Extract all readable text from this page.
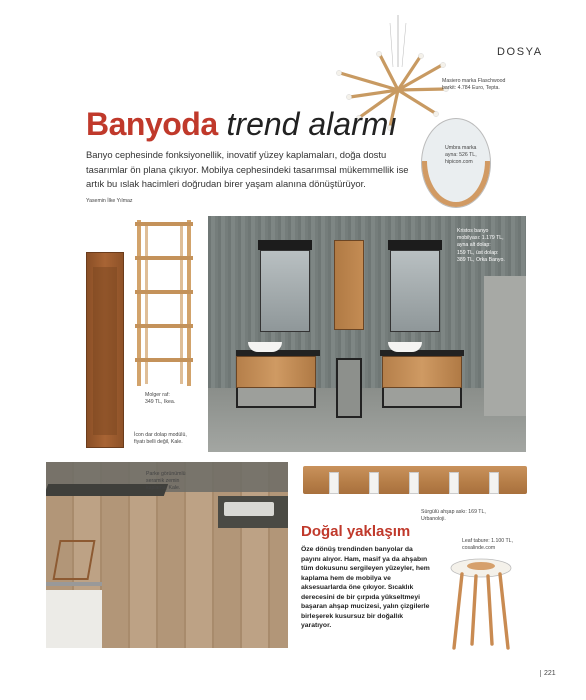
DOSYA
Masiero marka Flaschwood
barkit: 4.784 Euro, Tepta.
Umbra marka
ayna: 526 TL,
hipicon.com
Banyoda trend alarmı
Banyo cephesinde fonksiyonellik, inovatif yüzey kaplamaları, doğa dostu tasarımlar ön plana çıkıyor. Mobilya cephesindeki tasarımsal mükemmellik ise artık bu ıslak hacimleri doğrudan birer yaşam alanına dönüştürüyor.
Yasemin İlke Yılmaz
İcon dar dolap modülü,
fiyatı belli değil, Kale.
Molger raf:
349 TL, Ikea.
Kristos banyo
mobilyası: 1.179 TL,
ayna alt dolap:
159 TL, üst dolap:
389 TL, Orka Banyo.
Parke görünümlü
seramik zemin
kaplama, Kale.
Sürgülü ahşap askı: 169 TL,
Urbanoloji.
Doğal yaklaşım
Öze dönüş trendinden banyolar da payını alıyor. Ham, masif ya da ahşabın tüm dokusunu sergileyen yüzeyler, hem kaplama hem de mobilya ve aksesuarlarda öne çıkıyor. Sıcaklık derecesini de bir çırpıda yükseltmeyi başaran ahşap mucizesi, yalın çizgilerle birleşerek kusursuz bir doğallık yaratıyor.
Leaf tabure: 1.100 TL,
cosalinde.com
221
